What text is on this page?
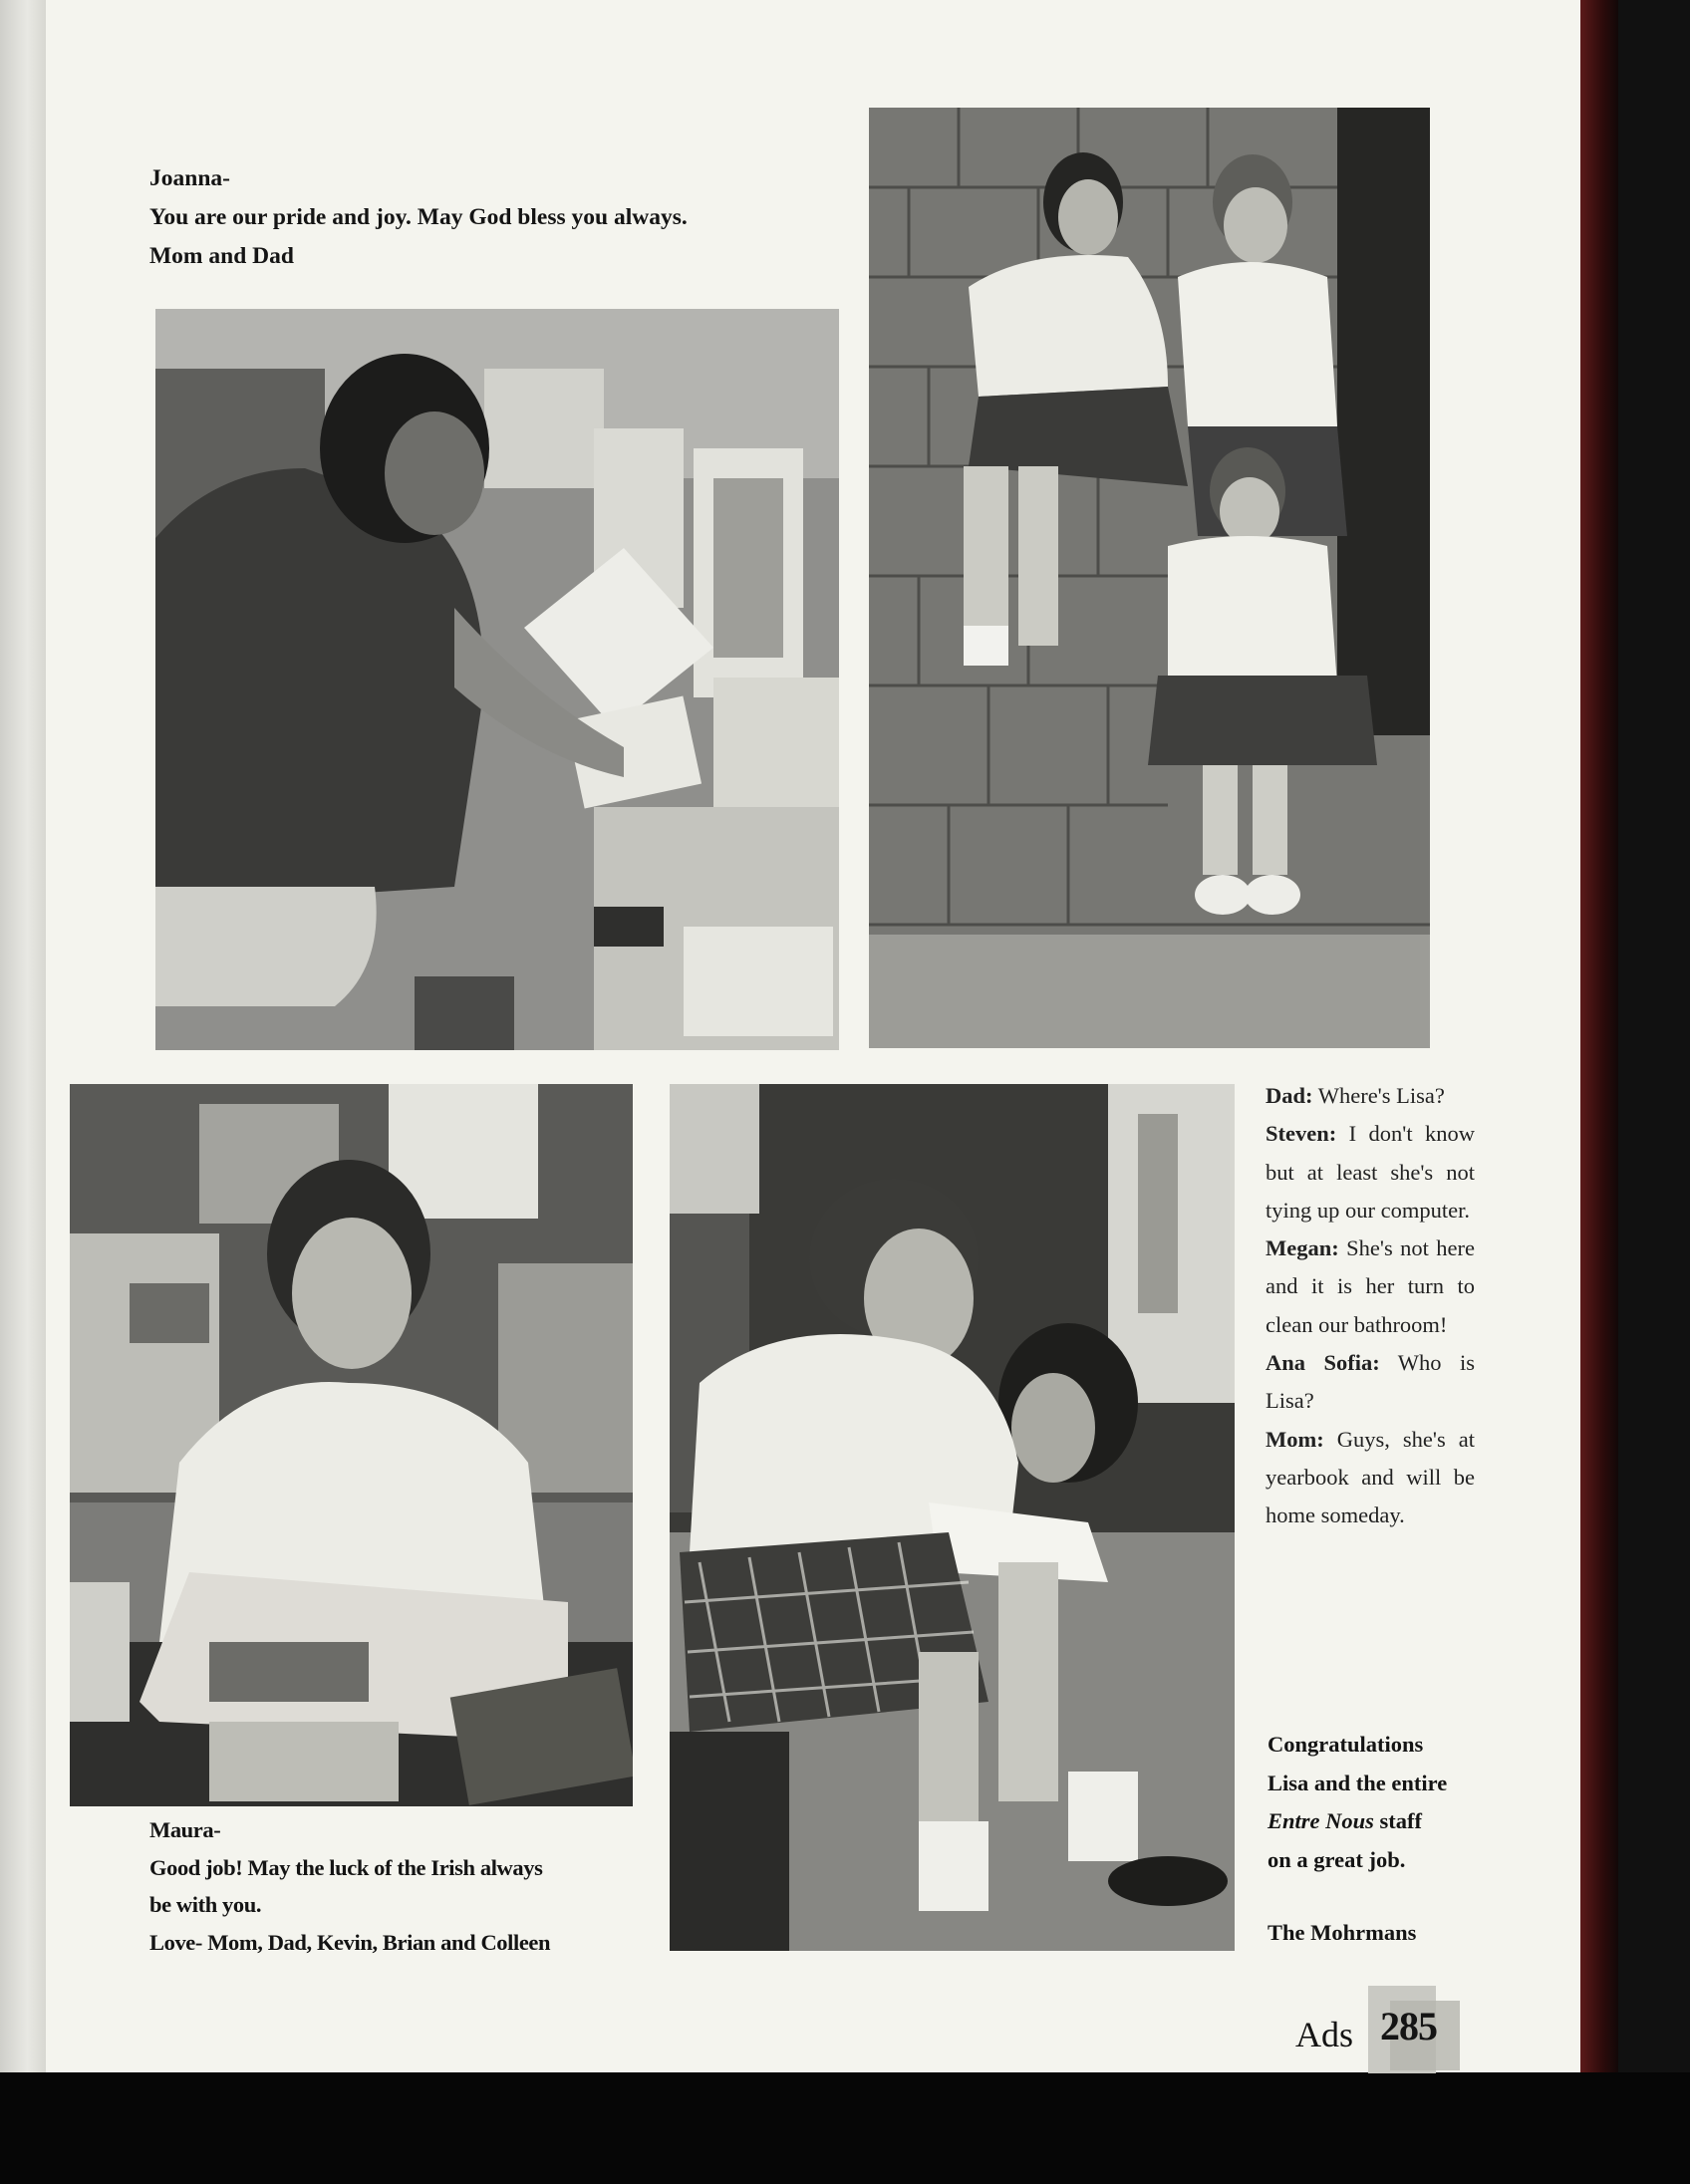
Joanna-
You are our pride and joy. May God bless you always.
Mom and Dad
Maura-
Good job! May the luck of the Irish always
be with you.
Love- Mom, Dad, Kevin, Brian and Colleen

Dad: Where's Lisa?

Steven: I don't know but at least she's not tying up our computer.

Megan: She's not here and it is her turn to clean our bathroom!

Ana Sofia: Who is Lisa?

Mom: Guys, she's at yearbook and will be home someday.

Congratulations
Lisa and the entire
Entre Nous staff
on a great job.
The Mohrmans
Ads 285
